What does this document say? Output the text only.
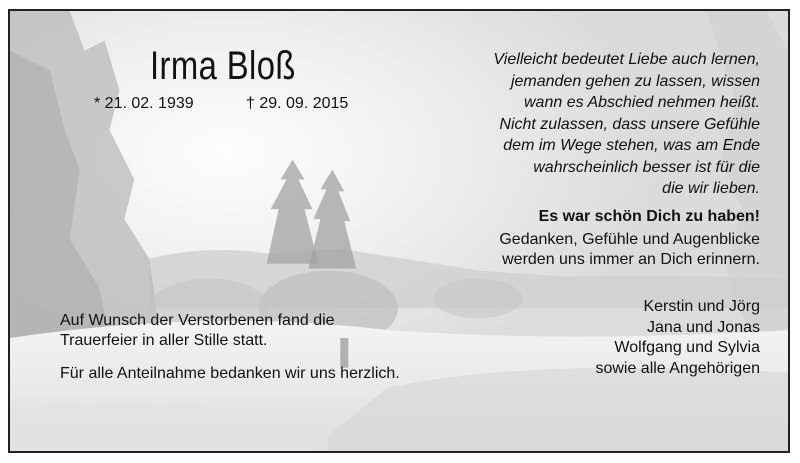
Irma Bloß
* 21. 02. 1939	† 29. 09. 2015
Vielleicht bedeutet Liebe auch lernen,
jemanden gehen zu lassen, wissen
wann es Abschied nehmen heißt.
Nicht zulassen, dass unsere Gefühle
dem im Wege stehen, was am Ende
wahrscheinlich besser ist für die
die wir lieben.
Es war schön Dich zu haben!
Gedanken, Gefühle und Augenblicke
werden uns immer an Dich erinnern.
Kerstin und Jörg
Jana und Jonas
Wolfgang und Sylvia
sowie alle Angehörigen
Auf Wunsch der Verstorbenen fand die
Trauerfeier in aller Stille statt.
Für alle Anteilnahme bedanken wir uns herzlich.
